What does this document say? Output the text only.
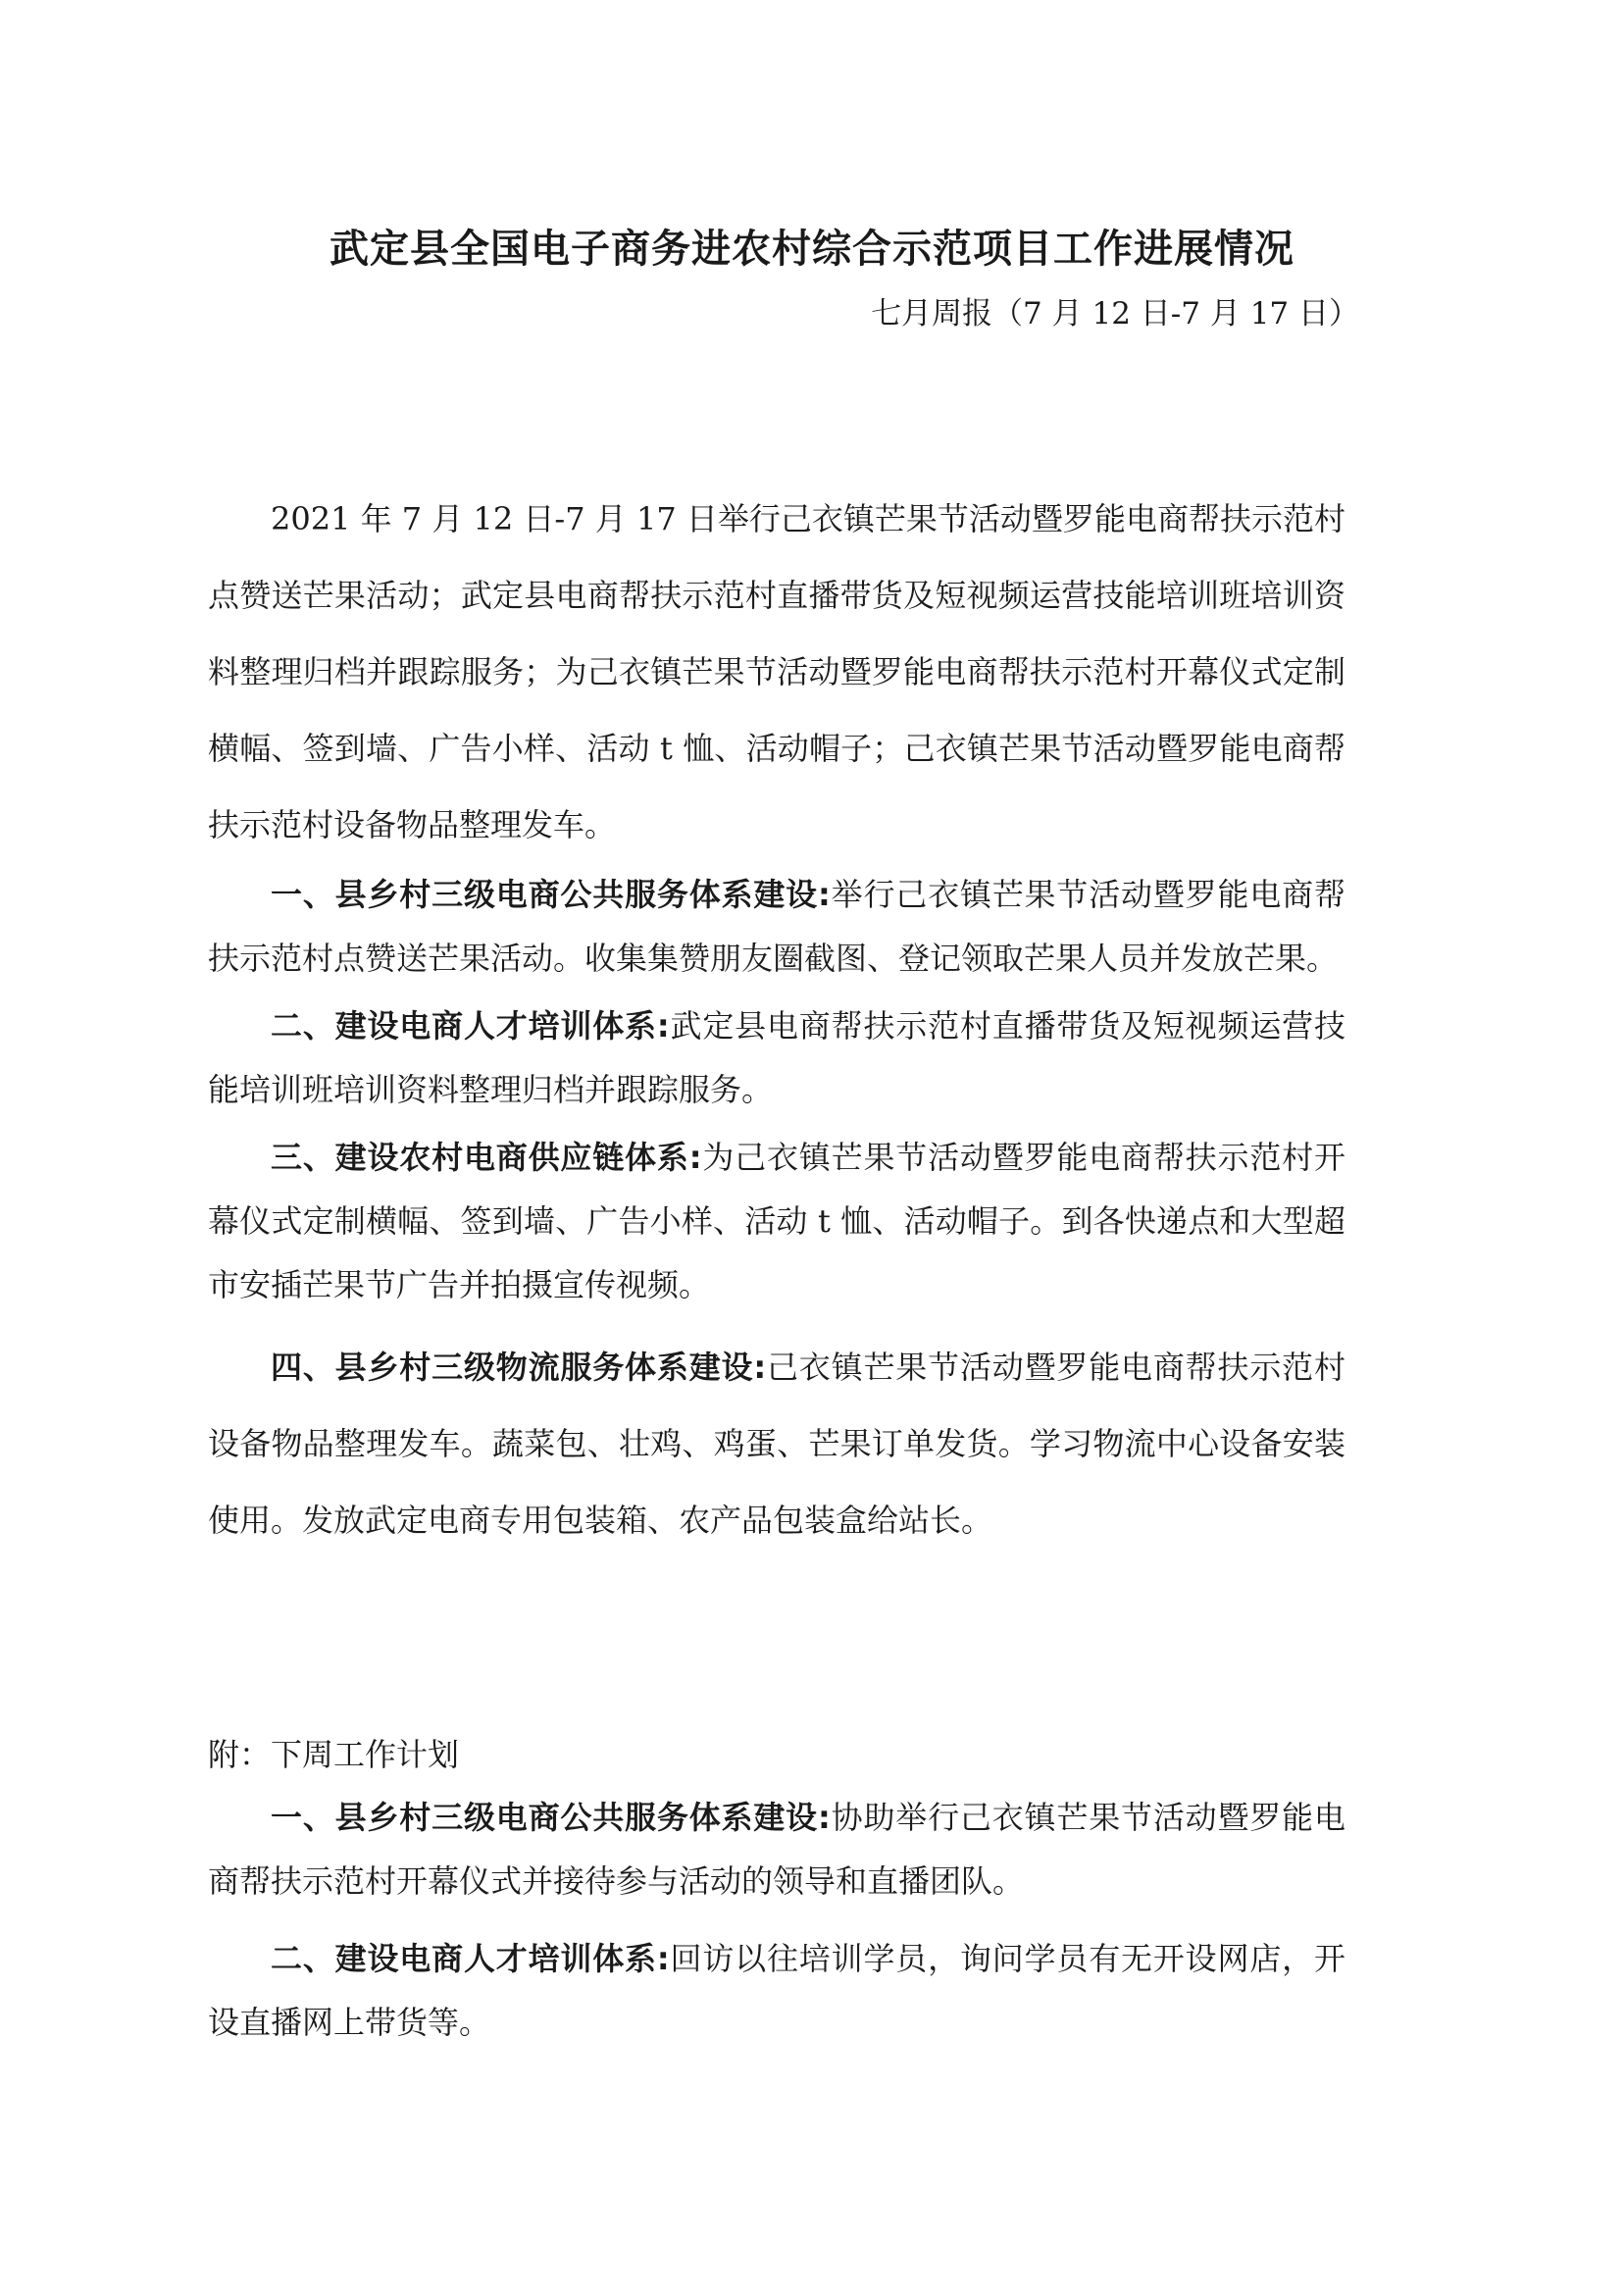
武定县全国电子商务进农村综合示范项目工作进展情况

七月周报（7 月 12 日-7 月 17 日）

2021 年 7 月 12 日-7 月 17 日举行己衣镇芒果节活动暨罗能电商帮扶示范村点赞送芒果活动；武定县电商帮扶示范村直播带货及短视频运营技能培训班培训资料整理归档并跟踪服务；为己衣镇芒果节活动暨罗能电商帮扶示范村开幕仪式定制横幅、签到墙、广告小样、活动 t 恤、活动帽子；己衣镇芒果节活动暨罗能电商帮扶示范村设备物品整理发车。

一、县乡村三级电商公共服务体系建设:举行己衣镇芒果节活动暨罗能电商帮扶示范村点赞送芒果活动。收集集赞朋友圈截图、登记领取芒果人员并发放芒果。

二、建设电商人才培训体系:武定县电商帮扶示范村直播带货及短视频运营技能培训班培训资料整理归档并跟踪服务。

三、建设农村电商供应链体系:为己衣镇芒果节活动暨罗能电商帮扶示范村开幕仪式定制横幅、签到墙、广告小样、活动 t 恤、活动帽子。到各快递点和大型超市安插芒果节广告并拍摄宣传视频。

四、县乡村三级物流服务体系建设:己衣镇芒果节活动暨罗能电商帮扶示范村设备物品整理发车。蔬菜包、壮鸡、鸡蛋、芒果订单发货。学习物流中心设备安装使用。发放武定电商专用包装箱、农产品包装盒给站长。

附：下周工作计划

一、县乡村三级电商公共服务体系建设:协助举行己衣镇芒果节活动暨罗能电商帮扶示范村开幕仪式并接待参与活动的领导和直播团队。

二、建设电商人才培训体系:回访以往培训学员，询问学员有无开设网店，开设直播网上带货等。
